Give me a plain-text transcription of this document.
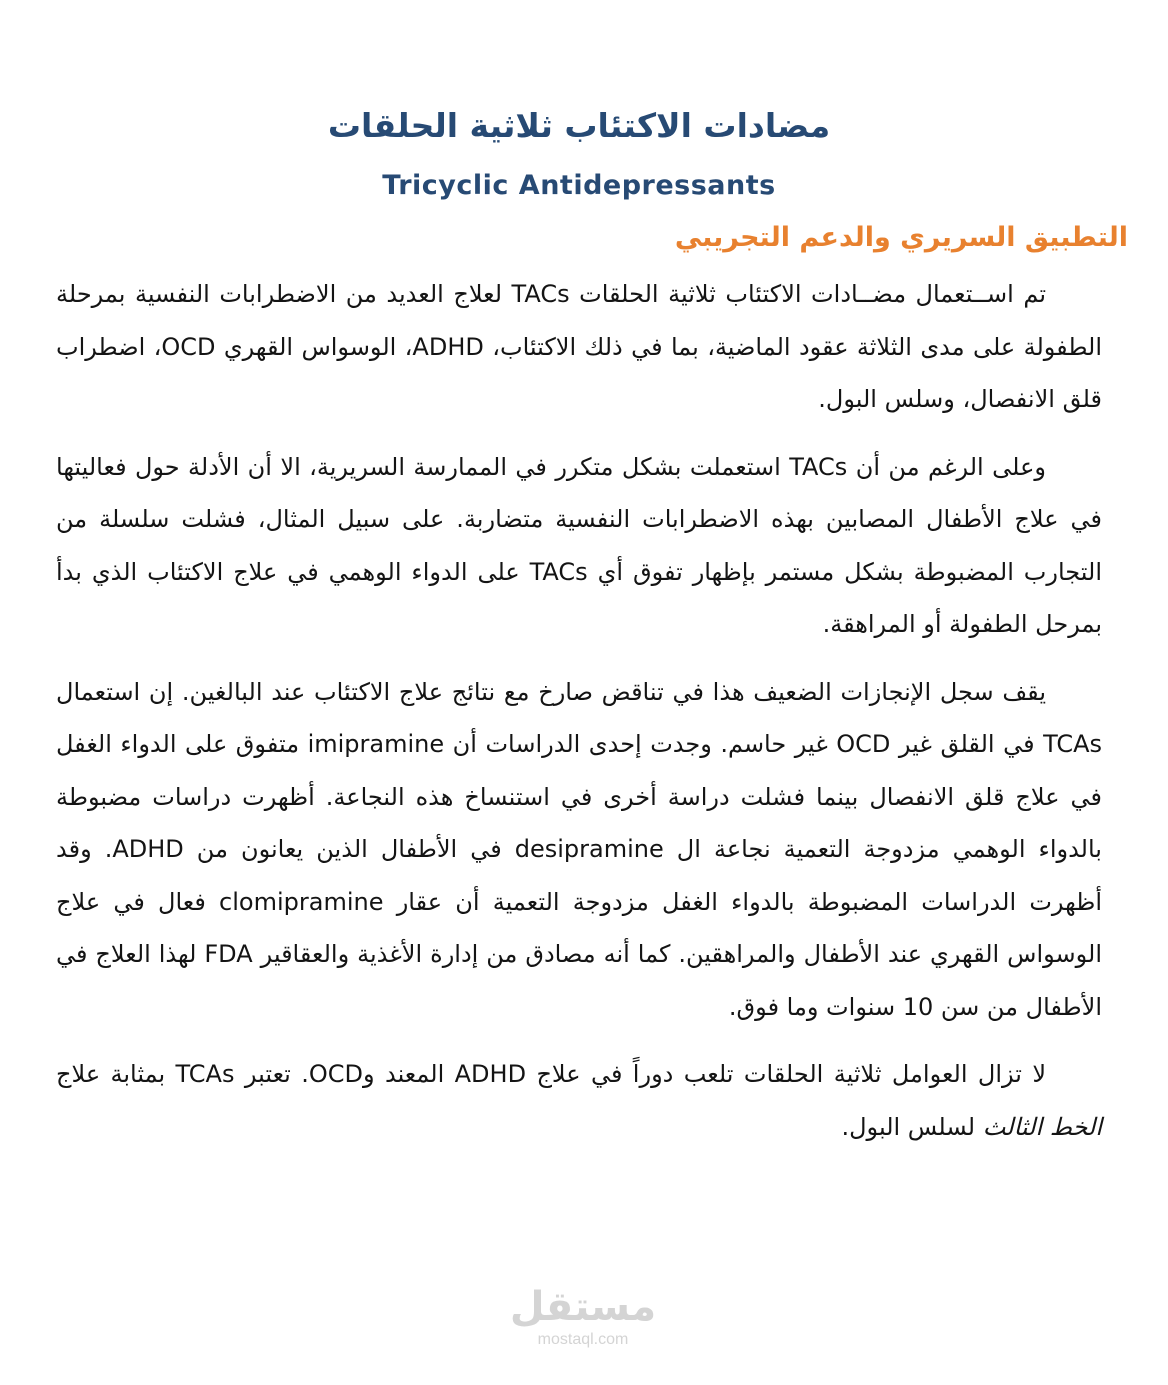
مضادات الاكتئاب ثلاثية الحلقات
Tricyclic Antidepressants
التطبيق السريري والدعم التجريبي

تم اســتعمال مضــادات الاكتئاب ثلاثية الحلقات TACs لعلاج العديد من الاضطرابات النفسية بمرحلة الطفولة على مدى الثلاثة عقود الماضية، بما في ذلك الاكتئاب، ADHD، الوسواس القهري OCD، اضطراب قلق الانفصال، وسلس البول.

وعلى الرغم من أن TACs استعملت بشكل متكرر في الممارسة السريرية، الا أن الأدلة حول فعاليتها في علاج الأطفال المصابين بهذه الاضطرابات النفسية متضاربة. على سبيل المثال، فشلت سلسلة من التجارب المضبوطة بشكل مستمر بإظهار تفوق أي TACs على الدواء الوهمي في علاج الاكتئاب الذي بدأ بمرحل الطفولة أو المراهقة.

يقف سجل الإنجازات الضعيف هذا في تناقض صارخ مع نتائج علاج الاكتئاب عند البالغين. إن استعمال TCAs في القلق غير OCD غير حاسم. وجدت إحدى الدراسات أن imipramine متفوق على الدواء الغفل في علاج قلق الانفصال بينما فشلت دراسة أخرى في استنساخ هذه النجاعة. أظهرت دراسات مضبوطة بالدواء الوهمي مزدوجة التعمية نجاعة ال desipramine في الأطفال الذين يعانون من ADHD. وقد أظهرت الدراسات المضبوطة بالدواء الغفل مزدوجة التعمية أن عقار clomipramine فعال في علاج الوسواس القهري عند الأطفال والمراهقين. كما أنه مصادق من إدارة الأغذية والعقاقير FDA لهذا العلاج في الأطفال من سن 10 سنوات وما فوق.

لا تزال العوامل ثلاثية الحلقات تلعب دوراً في علاج ADHD المعند وOCD. تعتبر TCAs بمثابة علاج الخط الثالث لسلس البول.

مستقل
mostaql.com
